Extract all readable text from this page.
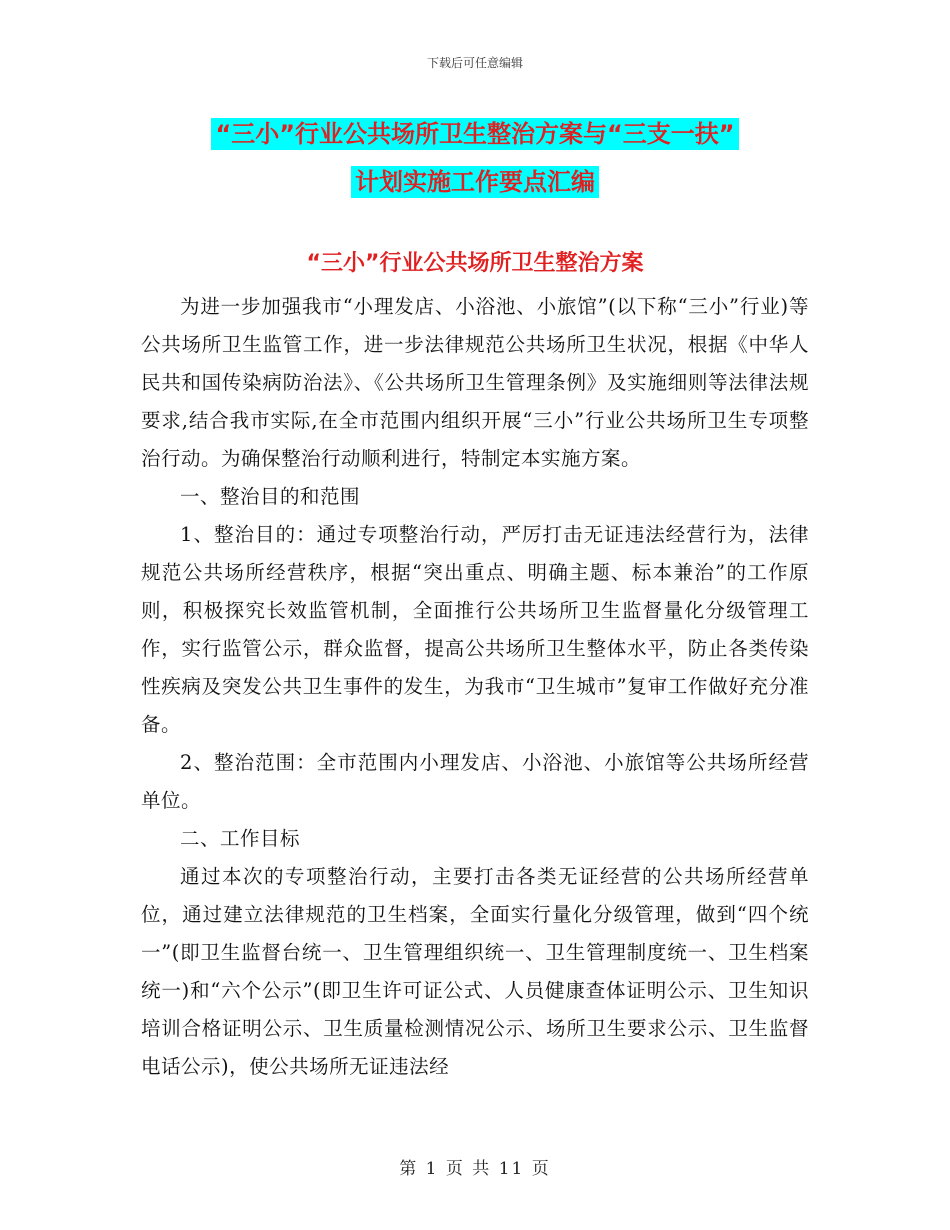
下载后可任意编辑
“三小”行业公共场所卫生整治方案与“三支一扶”
计划实施工作要点汇编
“三小”行业公共场所卫生整治方案

为进一步加强我市“小理发店、小浴池、小旅馆”(以下称“三小”行业)等公共场所卫生监管工作，进一步法律规范公共场所卫生状况，根据《中华人民共和国传染病防治法》、《公共场所卫生管理条例》及实施细则等法律法规要求,结合我市实际,在全市范围内组织开展“三小”行业公共场所卫生专项整治行动。为确保整治行动顺利进行，特制定本实施方案。

一、整治目的和范围

1、整治目的：通过专项整治行动，严厉打击无证违法经营行为，法律规范公共场所经营秩序，根据“突出重点、明确主题、标本兼治”的工作原则，积极探究长效监管机制，全面推行公共场所卫生监督量化分级管理工作，实行监管公示，群众监督，提高公共场所卫生整体水平，防止各类传染性疾病及突发公共卫生事件的发生，为我市“卫生城市”复审工作做好充分准备。

2、整治范围：全市范围内小理发店、小浴池、小旅馆等公共场所经营单位。

二、工作目标

通过本次的专项整治行动，主要打击各类无证经营的公共场所经营单位，通过建立法律规范的卫生档案，全面实行量化分级管理，做到“四个统一”(即卫生监督台统一、卫生管理组织统一、卫生管理制度统一、卫生档案统一)和“六个公示”(即卫生许可证公式、人员健康查体证明公示、卫生知识培训合格证明公示、卫生质量检测情况公示、场所卫生要求公示、卫生监督电话公示)，使公共场所无证违法经

第 1 页 共 11 页
